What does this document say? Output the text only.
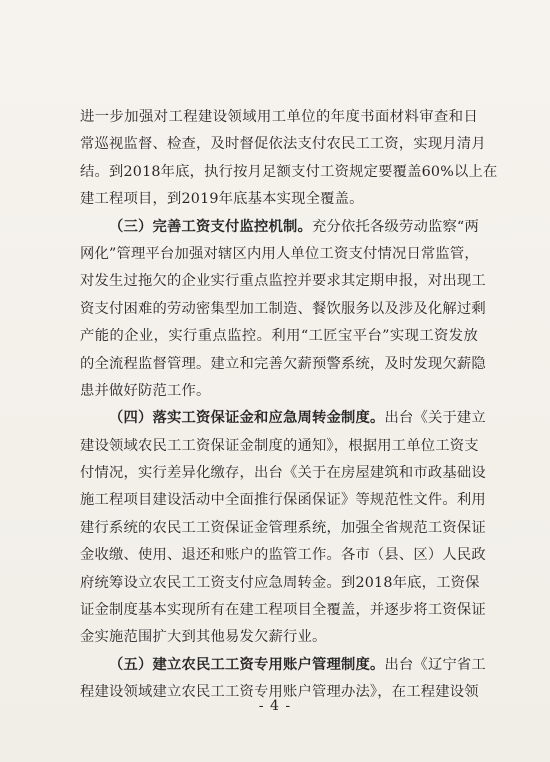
进一步加强对工程建设领域用工单位的年度书面材料审查和日
常巡视监督、检查，及时督促依法支付农民工工资，实现月清月
结。到2018年底，执行按月足额支付工资规定要覆盖60%以上在
建工程项目，到2019年底基本实现全覆盖。
（三）完善工资支付监控机制。充分依托各级劳动监察“两
网化”管理平台加强对辖区内用人单位工资支付情况日常监管，
对发生过拖欠的企业实行重点监控并要求其定期申报，对出现工
资支付困难的劳动密集型加工制造、餐饮服务以及涉及化解过剩
产能的企业，实行重点监控。利用“工匠宝平台”实现工资发放
的全流程监督管理。建立和完善欠薪预警系统，及时发现欠薪隐
患并做好防范工作。
（四）落实工资保证金和应急周转金制度。出台《关于建立
建设领域农民工工资保证金制度的通知》，根据用工单位工资支
付情况，实行差异化缴存，出台《关于在房屋建筑和市政基础设
施工程项目建设活动中全面推行保函保证》等规范性文件。利用
建行系统的农民工工资保证金管理系统，加强全省规范工资保证
金收缴、使用、退还和账户的监管工作。各市（县、区）人民政
府统筹设立农民工工资支付应急周转金。到2018年底，工资保
证金制度基本实现所有在建工程项目全覆盖，并逐步将工资保证
金实施范围扩大到其他易发欠薪行业。
（五）建立农民工工资专用账户管理制度。出台《辽宁省工
程建设领域建立农民工工资专用账户管理办法》，在工程建设领
- 4 -
